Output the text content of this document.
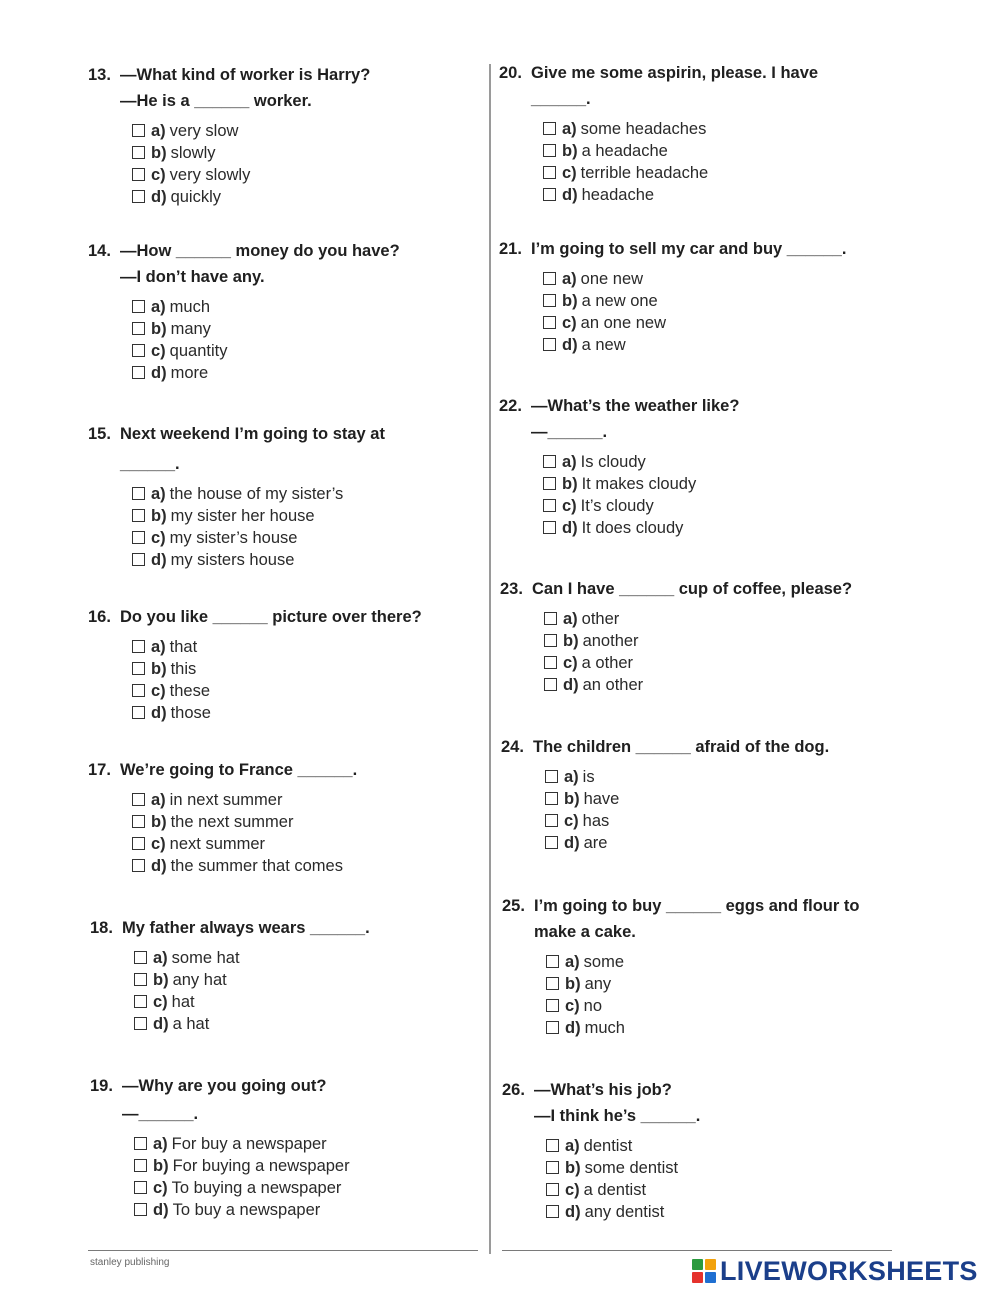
13. —What kind of worker is Harry?
—He is a ______ worker.
a) very slow
b) slowly
c) very slowly
d) quickly
14. —How ______ money do you have?
—I don’t have any.
a) much
b) many
c) quantity
d) more
15. Next weekend I’m going to stay at
______.
a) the house of my sister’s
b) my sister her house
c) my sister’s house
d) my sisters house
16. Do you like ______ picture over there?
a) that
b) this
c) these
d) those
17. We’re going to France ______.
a) in next summer
b) the next summer
c) next summer
d) the summer that comes
18. My father always wears ______.
a) some hat
b) any hat
c) hat
d) a hat
19. —Why are you going out?
—______.
a) For buy a newspaper
b) For buying a newspaper
c) To buying a newspaper
d) To buy a newspaper
20. Give me some aspirin, please. I have
______.
a) some headaches
b) a headache
c) terrible headache
d) headache
21. I’m going to sell my car and buy ______.
a) one new
b) a new one
c) an one new
d) a new
22. —What’s the weather like?
—______.
a) Is cloudy
b) It makes cloudy
c) It’s cloudy
d) It does cloudy
23. Can I have ______ cup of coffee, please?
a) other
b) another
c) a other
d) an other
24. The children ______ afraid of the dog.
a) is
b) have
c) has
d) are
25. I’m going to buy ______ eggs and flour to
make a cake.
a) some
b) any
c) no
d) much
26. —What’s his job?
—I think he’s ______.
a) dentist
b) some dentist
c) a dentist
d) any dentist
stanley publishing	LIVEWORKSHEETS
